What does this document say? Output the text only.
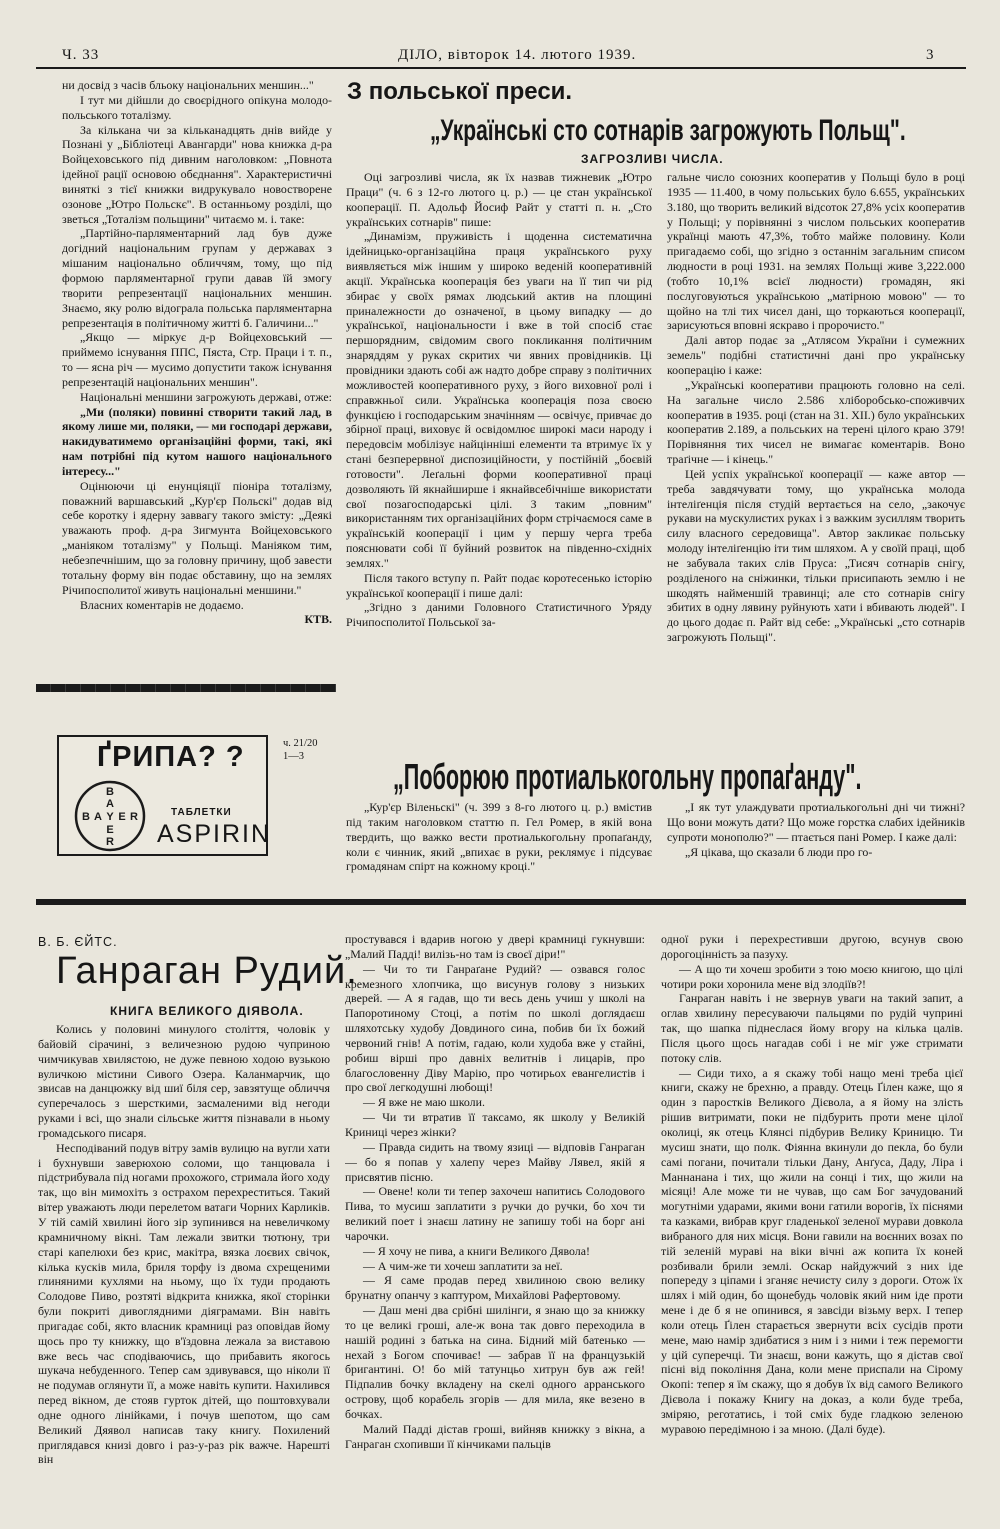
Ч. 33	ДІЛО, вівторок 14. лютого 1939.	3

ни досвід з часів бльоку національних меншин..."

І тут ми дійшли до своєрідного опікуна молодо-польського тоталізму.

За кількана чи за кільканадцять днів вийде у Познані у „Бібліотеці Авангарди" нова книжка д-ра Войцеховського під дивним наголовком: „Повнота ідейної рації основою обєднання". Характеристичні виняткі з тієї книжки видрукувало новостворене озонове „Ютро Польскє". В останньому розділі, що зветься „Тоталізм польщини" читаємо м. і. таке:

„Партійно-парляментарний лад був дуже догідний національним групам у державах з мішаним національно обличчям, тому, що під формою парляментарної групи давав їй змогу творити репрезентації національних меншин. Знаємо, яку ролю відограла польська парляментарна репрезентація в політичному житті б. Галичини..."

„Якщо — міркує д-р Войцеховський — приймемо існування ППС, Пяста, Стр. Праци і т. п., то — ясна річ — мусимо допустити також існування репрезентацій національних меншин".

Національні меншини загрожують державі, отже:

„Ми (поляки) повинні створити такий лад, в якому лише ми, поляки, — ми господарі держави, накидуватимемо організаційні форми, такі, які нам потрібні під кутом нашого національного інтересу..."

Оцінюючи ці енунціяції піоніра тоталізму, поважний варшавський „Кур'єр Польскі" додав від себе коротку і ядерну заввагу такого змісту: „Деякі уважають проф. д-ра Зигмунта Войцеховського „маніяком тоталізму" у Польщі. Маніяком тим, небезпечнішим, що за головну причину, щоб завести тотальну форму він подає обставину, що на землях Річипосполитої живуть національні меншини."

Власних коментарів не додаємо.

КТВ.
ҐРИПА? ?
B
A
Y
E
R
B A E R	ТАБЛЕТКИ
ASPIRIN
ч. 21/20
1—3
З польської преси.
„Українські сто сотнарів загрожують Польщ".
ЗАГРОЗЛИВІ ЧИСЛА.

Оці загрозливі числа, як їх назвав тижневик „Ютро Праци" (ч. 6 з 12-го лютого ц. р.) — це стан української кооперації. П. Адольф Йосиф Райт у статті п. н. „Сто українських сотнарів" пише:

„Динамізм, пруживість і щоденна систематична ідейницько-організаційна праця українського руху виявляється між іншим у широко веденій кооперативній акції. Українська кооперація без уваги на її тип чи рід збирає у своїх рямах людський актив на площині приналежности до означеної, в цьому випадку — до української, національности і вже в той спосіб стає першорядним, свідомим свого покликання політичним знаряддям у руках скритих чи явних провідників. Ці провідники здають собі аж надто добре справу з політичних можливостей кооперативного руху, з його виховної ролі і справжньої сили. Українська кооперація поза своєю функцією і господарським значінням — освічує, привчає до збірної праці, виховує й освідомлює широкі маси народу і передовсім мобілізує найцінніші елементи та втримує їх у стані безперервної диспозиційности, у постійній „боєвій готовости". Леґальні форми кооперативної праці дозволяють їй якнайширше і якнайвсебічніше використати свої позагосподарські цілі. З таким „повним" використанням тих організаційних форм стрічаємося саме в українській кооперації і цим у першу черга треба пояснювати собі її буйний розвиток на південно-східніх землях."

Після такого вступу п. Райт подає коротесенько історію української кооперації і пише далі:

„Згідно з даними Головного Статистичного Уряду Річипосполитої Польської за-

гальне число союзних кооператив у Польщі було в році 1935 — 11.400, в чому польських було 6.655, українських 3.180, що творить великий відсоток 27,8% усіх кооператив у Польщі; у порівнянні з числом польських кооператив українці мають 47,3%, тобто майже половину. Коли пригадаємо собі, що згідно з останнім загальним списом людности в році 1931. на землях Польщі живе 3,222.000 (тобто 10,1% всієї людности) громадян, які послуговуються українською „матірною мовою" — то щойно на тлі тих чисел дані, що торкаються кооперації, зарисуються вповні яскраво і пророчисто."

Далі автор подає за „Атлясом України і сумежних земель" подібні статистичні дані про українську кооперацію і каже:

„Українські кооперативи працюють головно на селі. На загальне число 2.586 хліборобсько-споживчих кооператив в 1935. році (стан на 31. XII.) було українських кооператив 2.189, а польських на терені цілого краю 379! Порівняння тих чисел не вимагає коментарів. Воно траґічне — і кінець."

Цей успіх української кооперації — каже автор — треба завдячувати тому, що українська молода інтеліґенція після студій вертається на село, „закочує рукави на мускулистих руках і з важким зусиллям творить силу власного середовища". Автор закликає польську молоду інтеліґенцію іти тим шляхом. А у своїй праці, щоб не забувала таких слів Пруса: „Тисяч сотнарів снігу, розділеного на сніжинки, тільки присипають землю і не шкодять найменшій травинці; але сто сотнарів снігу збитих в одну лявину руйнують хати і вбивають людей". І до цього додає п. Райт від себе: „Українські „сто сотнарів загрожують Польщі".

„Поборюю протиалькогольну пропаґанду".

„Кур'єр Віленьскі" (ч. 399 з 8-го лютого ц. р.) вмістив під таким наголовком статтю п. Гел Ромер, в якій вона твердить, що важко вести протиалькогольну пропаґанду, коли є чинник, який „впихає в руки, реклямує і підсуває громадянам спірт на кожному кроці."

„І як тут улаждувати протиалькогольні дні чи тижні? Що вони можуть дати? Що може горстка слабих ідейників супроти монополю?" — птається пані Ромер. І каже далі:

„Я цікава, що сказали б люди про го-

В. Б. ЄЙТС.
Ганраган Рудий.
КНИГА ВЕЛИКОГО ДІЯВОЛА.

Колись у половині минулого століття, чоловік у байовій сірачині, з величезною рудою чуприною чимчикував хвилястою, не дуже певною ходою вузькою вуличкою містини Сивого Озера. Каланмарчик, що звисав на данцюжку від шиї біля сер, завзятуще обличчя суперечалось з шерсткими, засмаленими від негоди руками і всі, що знали сільське життя пізнавали в ньому громадського писаря.

Несподіваний подув вітру замів вулицю на вугли хати і бухнувши заверюхою соломи, що танцювала і підстрибувала під ногами прохожого, стримала його ходу так, що він мимохіть з острахом перехреститься. Такий вітер уважають люди перелетом ватаги Чорних Карликів. У тій самій хвилині його зір зупинився на невеличкому крамничному вікні. Там лежали звитки тютюну, три старі капелюхи без крис, макітра, вязка лоєвих свічок, кілька кусків мила, бриля торфу із двома схрещеними глиняними кухлями на ньому, що їх туди продають Солодове Пиво, розтяті відкрита книжка, якої сторінки були покриті дивоглядними діяграмами. Він навіть пригадає собі, якто власник крамниці раз оповідав йому щось про ту книжку, що в'їздовна лежала за виставою вже весь час сподіваючись, що прибавить якогось шукача небуденного. Тепер сам здивувався, що ніколи її не подумав оглянути її, а може навіть купити. Нахилився перед вікном, де стояв гурток дітей, що поштовхували одне одного лінійками, і почув шепотом, що сам Великий Дяявол написав таку книгу. Похилений приглядався книзі довго і раз-у-раз рік важче. Нарешті він

простувався і вдарив ногою у двері крамниці гукнувши: „Малий Падді! вилізь-но там із своєї діри!"

— Чи то ти Ганраґане Рудий? — озвався голос кремезного хлопчика, що висунув голову з низьких дверей. — А я гадав, що ти весь день учиш у школі на Папоротиному Стоці, а потім по школі доглядаєш шляхотську худобу Довдиного сина, побив би їх божий червоний гнів! А потім, гадаю, коли худоба вже у стайні, робиш вірші про давніх велитнів і лицарів, про благословенну Діву Марію, про чотирьох евангелистів і про свої легкодушні любощі!

— Я вже не маю школи.

— Чи ти втратив її таксамо, як школу у Великій Криниці через жінки?

— Правда сидить на твому язиці — відповів Ганраган — бо я попав у халепу через Майву Лявел, якій я присвятив пісню.

— Овене! коли ти тепер захочеш напитись Солодового Пива, то мусиш заплатити з ручки до ручки, бо хоч ти великий поет і знаєш латину не запишу тобі на борг ані чарочки.

— Я хочу не пива, а книги Великого Дяволa!

— А чим-же ти хочеш заплатити за неї.

— Я саме продав перед хвилиною свою велику брунатну опанчу з каптуром, Михайлові Рафертовому.

— Даш мені два срібні шилінги, я знаю що за книжку то це великі гроші, але-ж вона так довго переходила в нашій родині з батька на сина. Бідний мій батенько — нехай з Богом спочиває! — забрав її на французькій бригантині. О! бо мій татунцьо хитрун був аж гей! Підпалив бочку вкладену на скелі одного арранського острову, щоб корабель згорів — для мила, яке везено в бочках.

Малий Падді дістав гроші, вийняв книжку з вікна, а Ганраган схопивши її кінчиками пальців

одної руки і перехрестивши другою, всунув свою дорогоцінність за пазуху.

— А що ти хочеш зробити з тою моєю книгою, що цілі чотири роки хоронила мене від злодіїв?!

Ганраган навіть і не звернув уваги на такий запит, а оглав хвилину пересуваючи пальцями по рудій чуприні так, що шапка піднеслася йому вгору на кілька цалів. Після цього щось нагадав собі і не міг уже стримати потоку слів.

— Сиди тихо, а я скажу тобі нащо мені треба цієї книги, скажу не брехню, а правду. Отець Ґілен каже, що я один з паростків Великого Дієвола, а я йому на злість рішив витримати, поки не підбурить проти мене цілої околиці, як отець Клянсі підбурив Велику Криницю. Ти мусиш знати, що полк. Фіянна вкинули до пекла, бо були самі погани, почитали тільки Дану, Анґуса, Даду, Ліра і Маннанана і тих, що жили на сонці і тих, що жили на місяці! Але може ти не чував, що сам Бог зачудований могутніми ударами, якими вони гатили ворогів, їх піснями та казками, вибрав круг гладенької зеленої мурави довкола вибраного для них місця. Вони гавили на воєнних возах по тій зеленій мураві на віки вічні аж копита їх коней розбивали брили землі. Оскар найдужчий з них іде попереду з ціпами і зганяє нечисту силу з дороги. Отож їх шлях і мій один, бо щонебудь чоловік який ним іде проти мене і де б я не опинився, я завсіди візьму верх. І тепер коли отець Ґілен старається звернути всіх сусідів проти мене, маю намір здибатися з ним і з ними і теж перемогти у цій суперечці. Ти знаєш, вони кажуть, що я дістав свої пісні від покоління Дана, коли мене приспали на Сірому Окопі: тепер я їм скажу, що я добув їх від самого Великого Дієвола і покажу Книгу на доказ, а коли буде треба, зміряю, реготатись, і той сміх буде гладкою зеленою муравою передімною і за мною. (Далі буде).
